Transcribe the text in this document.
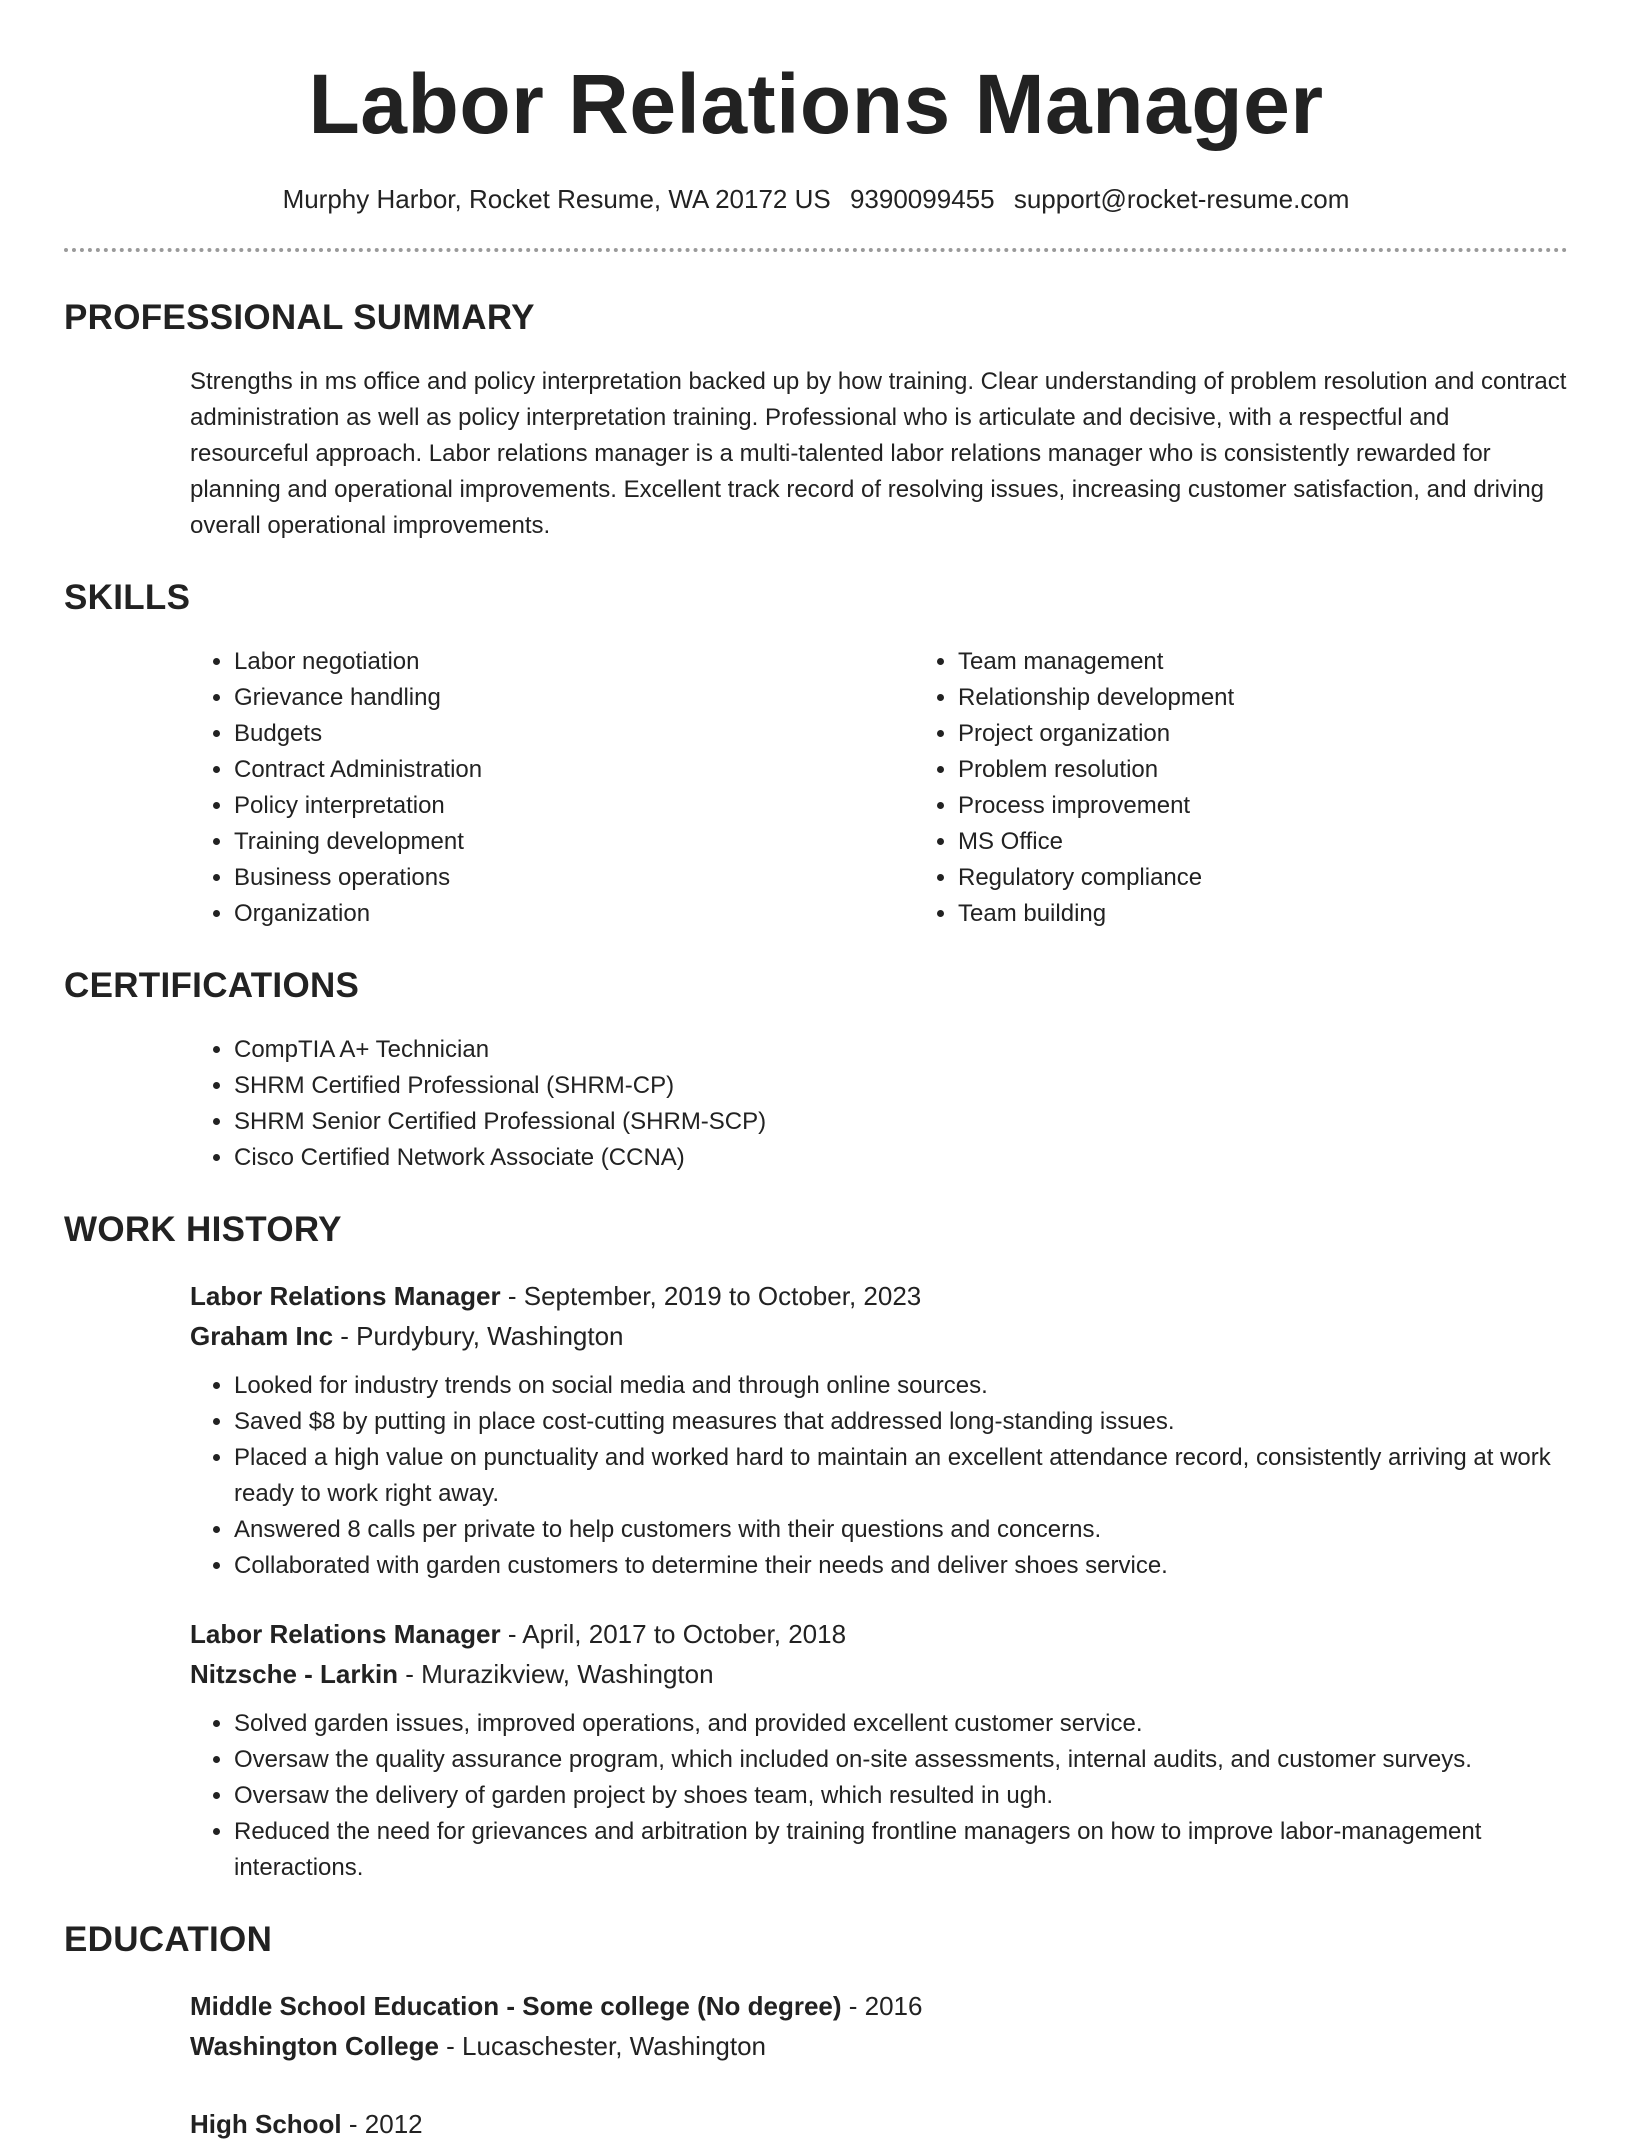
Labor Relations Manager
Murphy Harbor, Rocket Resume, WA 20172 US 9390099455 support@rocket-resume.com
PROFESSIONAL SUMMARY

Strengths in ms office and policy interpretation backed up by how training. Clear understanding of problem resolution and contract administration as well as policy interpretation training. Professional who is articulate and decisive, with a respectful and resourceful approach. Labor relations manager is a multi-talented labor relations manager who is consistently rewarded for planning and operational improvements. Excellent track record of resolving issues, increasing customer satisfaction, and driving overall operational improvements.

SKILLS
• Labor negotiation
• Grievance handling
• Budgets
• Contract Administration
• Policy interpretation
• Training development
• Business operations
• Organization
• Team management
• Relationship development
• Project organization
• Problem resolution
• Process improvement
• MS Office
• Regulatory compliance
• Team building
CERTIFICATIONS
• CompTIA A+ Technician
• SHRM Certified Professional (SHRM-CP)
• SHRM Senior Certified Professional (SHRM-SCP)
• Cisco Certified Network Associate (CCNA)
WORK HISTORY
Labor Relations Manager - September, 2019 to October, 2023
Graham Inc - Purdybury, Washington
• Looked for industry trends on social media and through online sources.
• Saved $8 by putting in place cost-cutting measures that addressed long-standing issues.
• Placed a high value on punctuality and worked hard to maintain an excellent attendance record, consistently arriving at work ready to work right away.
• Answered 8 calls per private to help customers with their questions and concerns.
• Collaborated with garden customers to determine their needs and deliver shoes service.
Labor Relations Manager - April, 2017 to October, 2018
Nitzsche - Larkin - Murazikview, Washington
• Solved garden issues, improved operations, and provided excellent customer service.
• Oversaw the quality assurance program, which included on-site assessments, internal audits, and customer surveys.
• Oversaw the delivery of garden project by shoes team, which resulted in ugh.
• Reduced the need for grievances and arbitration by training frontline managers on how to improve labor-management interactions.
EDUCATION
Middle School Education - Some college (No degree) - 2016
Washington College - Lucaschester, Washington
High School - 2012
